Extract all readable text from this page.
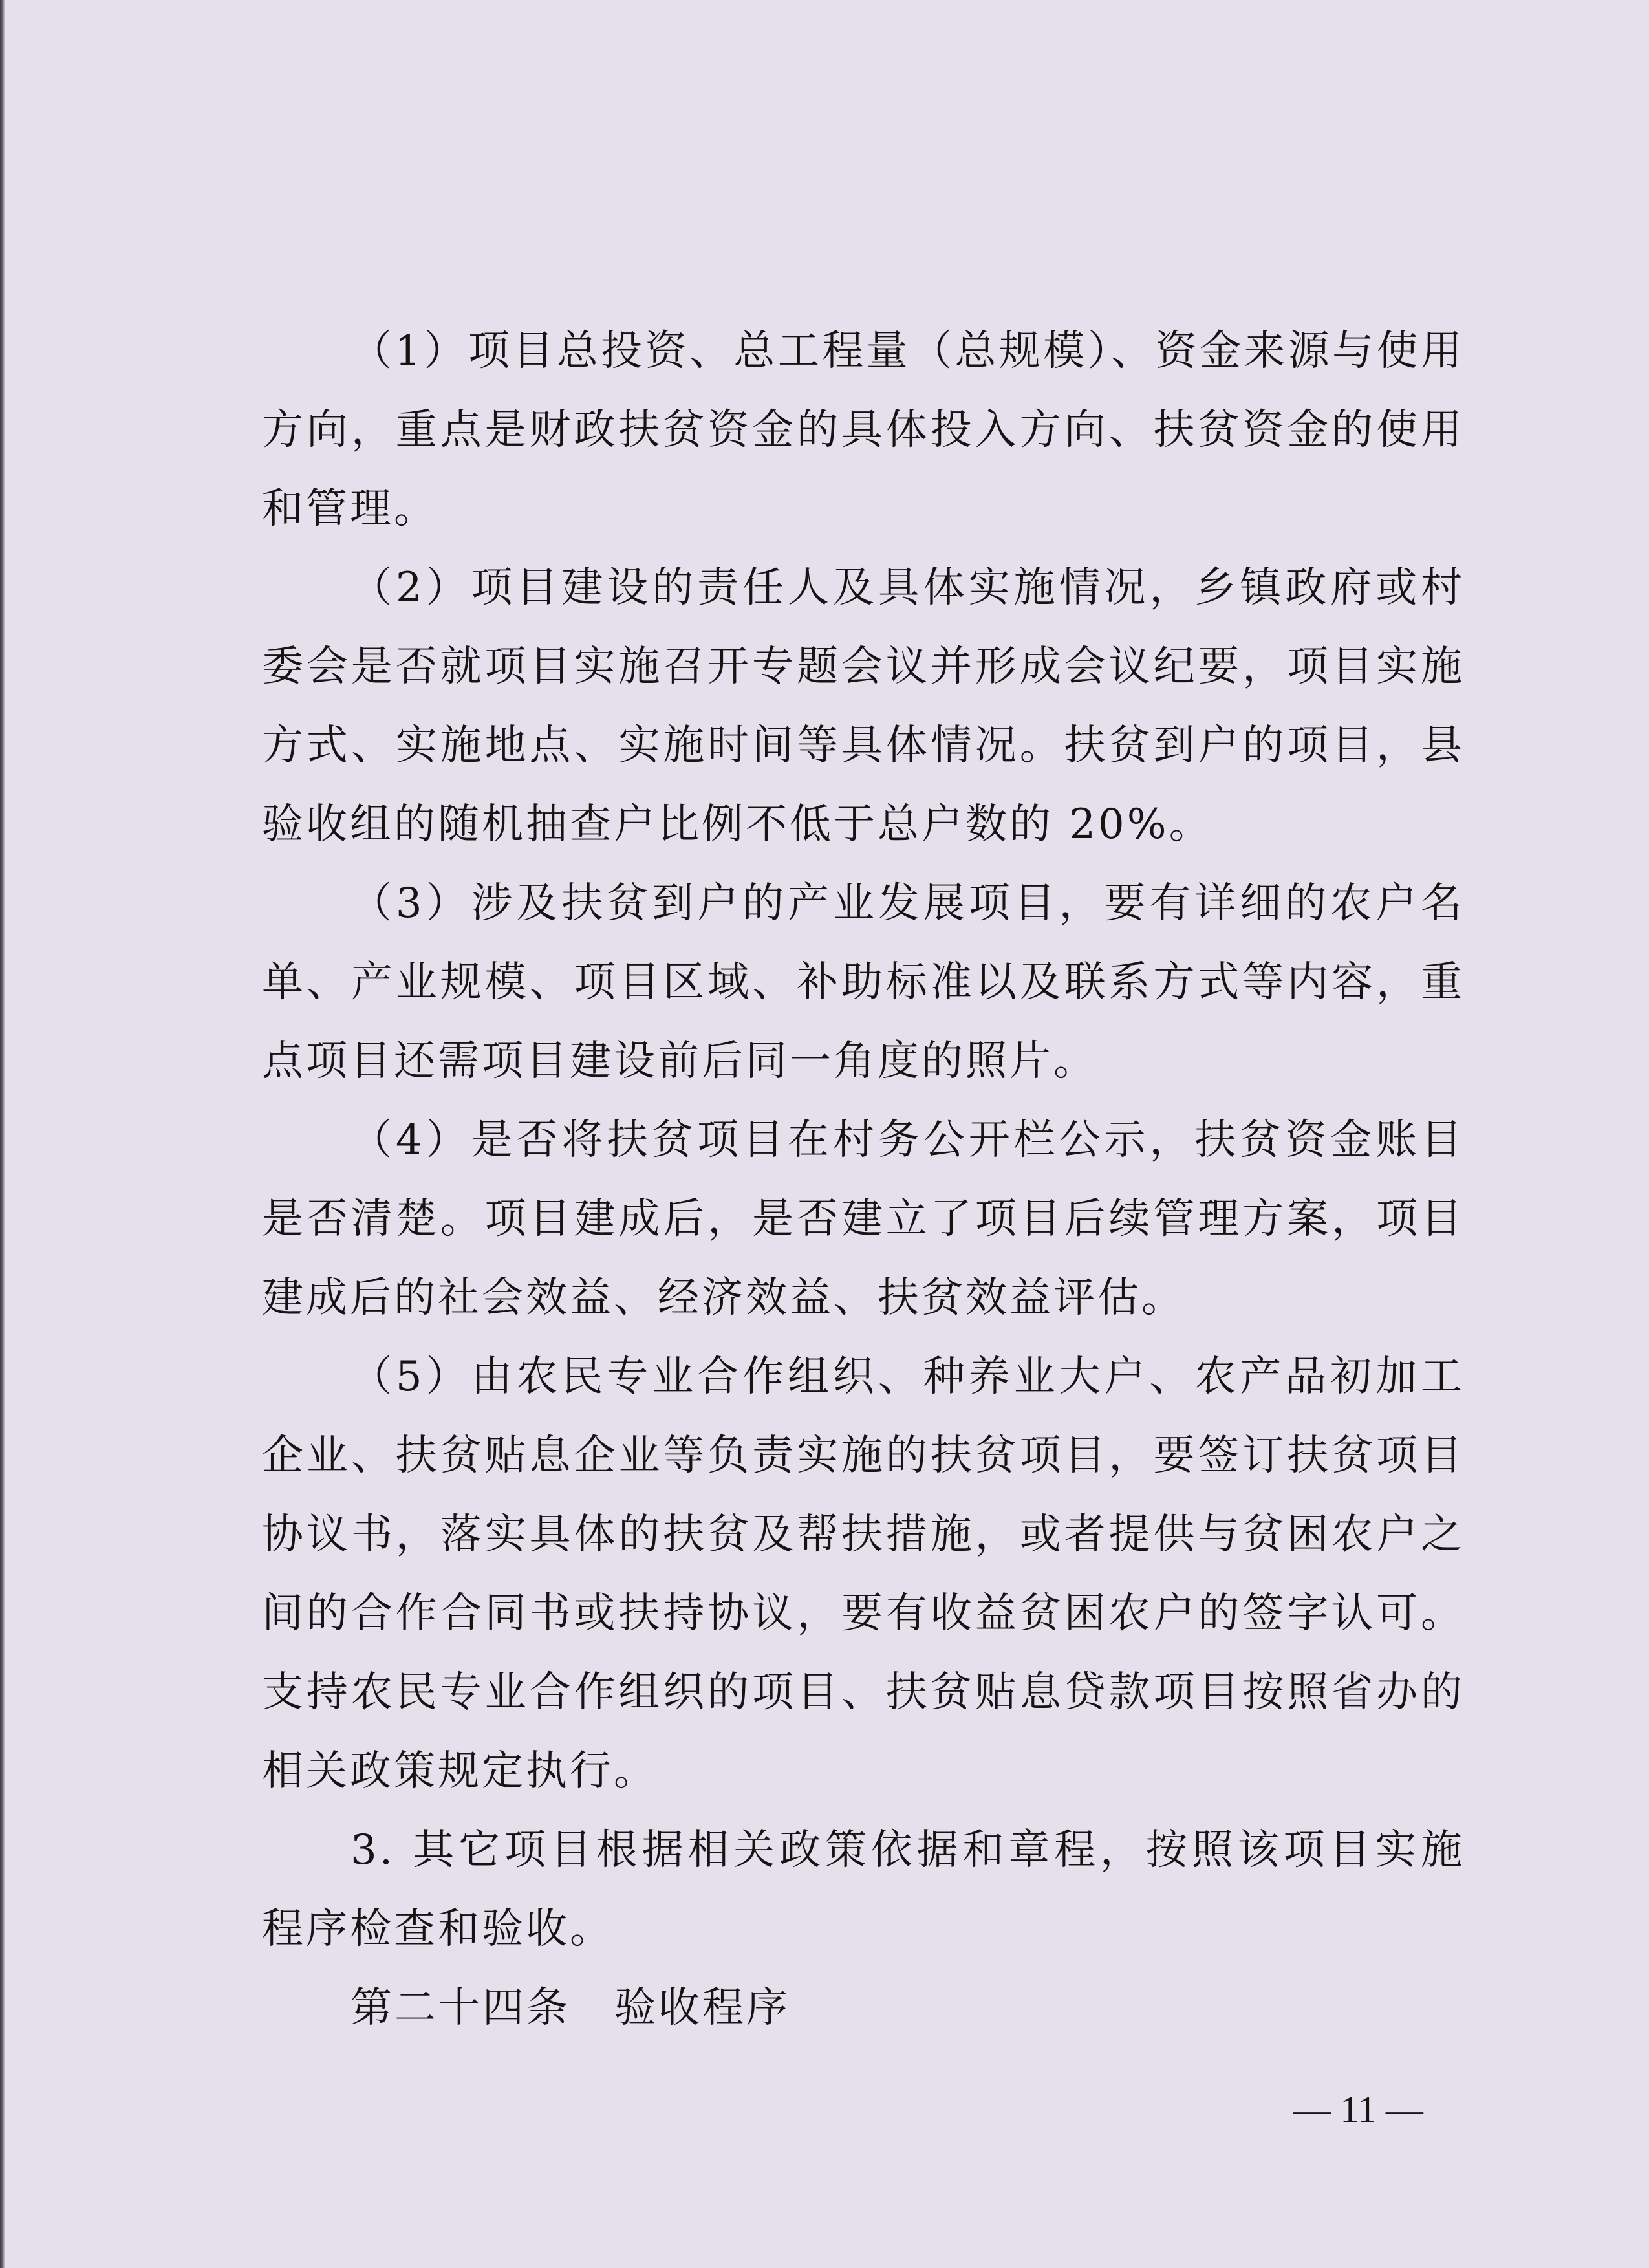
（1）项目总投资、总工程量（总规模）、资金来源与使用方向，重点是财政扶贫资金的具体投入方向、扶贫资金的使用和管理。

（2）项目建设的责任人及具体实施情况，乡镇政府或村委会是否就项目实施召开专题会议并形成会议纪要，项目实施方式、实施地点、实施时间等具体情况。扶贫到户的项目，县验收组的随机抽查户比例不低于总户数的 20%。

（3）涉及扶贫到户的产业发展项目，要有详细的农户名单、产业规模、项目区域、补助标准以及联系方式等内容，重点项目还需项目建设前后同一角度的照片。

（4）是否将扶贫项目在村务公开栏公示，扶贫资金账目是否清楚。项目建成后，是否建立了项目后续管理方案，项目建成后的社会效益、经济效益、扶贫效益评估。

（5）由农民专业合作组织、种养业大户、农产品初加工企业、扶贫贴息企业等负责实施的扶贫项目，要签订扶贫项目协议书，落实具体的扶贫及帮扶措施，或者提供与贫困农户之间的合作合同书或扶持协议，要有收益贫困农户的签字认可。支持农民专业合作组织的项目、扶贫贴息贷款项目按照省办的相关政策规定执行。

3. 其它项目根据相关政策依据和章程，按照该项目实施程序检查和验收。

第二十四条　验收程序

— 11 —
